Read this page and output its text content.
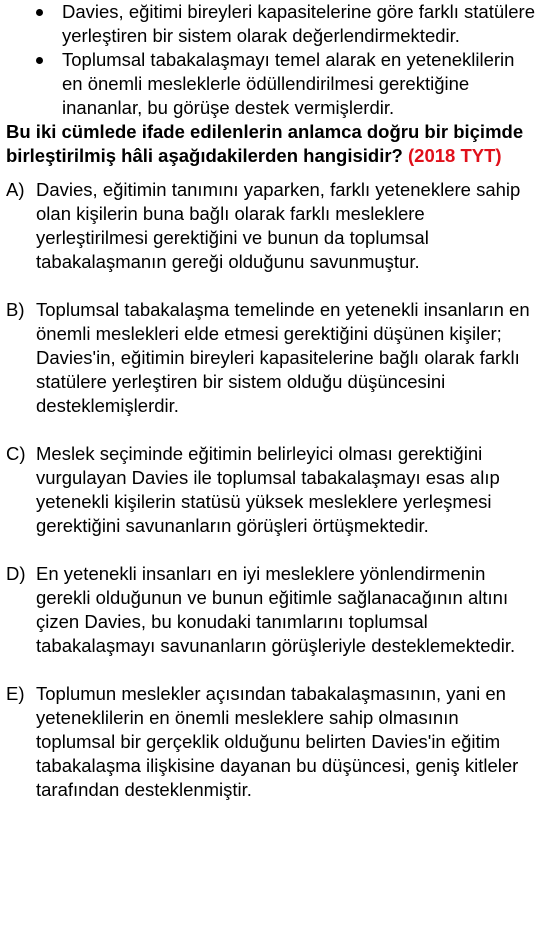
Davies, eğitimi bireyleri kapasitelerine göre farklı statülere yerleştiren bir sistem olarak değerlendirmektedir.
Toplumsal tabakalaşmayı temel alarak en yeteneklilerin en önemli mesleklerle ödüllendirilmesi gerektiğine inananlar, bu görüşe destek vermişlerdir.
Bu iki cümlede ifade edilenlerin anlamca doğru bir biçimde birleştirilmiş hâli aşağıdakilerden hangisidir? (2018 TYT)
A) Davies, eğitimin tanımını yaparken, farklı yeteneklere sahip olan kişilerin buna bağlı olarak farklı mesleklere yerleştirilmesi gerektiğini ve bunun da toplumsal tabakalaşmanın gereği olduğunu savunmuştur.
B) Toplumsal tabakalaşma temelinde en yetenekli insanların en önemli meslekleri elde etmesi gerektiğini düşünen kişiler; Davies'in, eğitimin bireyleri kapasitelerine bağlı olarak farklı statülere yerleştiren bir sistem olduğu düşüncesini desteklemişlerdir.
C) Meslek seçiminde eğitimin belirleyici olması gerektiğini vurgulayan Davies ile toplumsal tabakalaşmayı esas alıp yetenekli kişilerin statüsü yüksek mesleklere yerleşmesi gerektiğini savunanların görüşleri örtüşmektedir.
D) En yetenekli insanları en iyi mesleklere yönlendirmenin gerekli olduğunun ve bunun eğitimle sağlanacağının altını çizen Davies, bu konudaki tanımlarını toplumsal tabakalaşmayı savunanların görüşleriyle desteklemektedir.
E) Toplumun meslekler açısından tabakalaşmasının, yani en yeteneklilerin en önemli mesleklere sahip olmasının toplumsal bir gerçeklik olduğunu belirten Davies'in eğitim tabakalaşma ilişkisine dayanan bu düşüncesi, geniş kitleler tarafından desteklenmiştir.
